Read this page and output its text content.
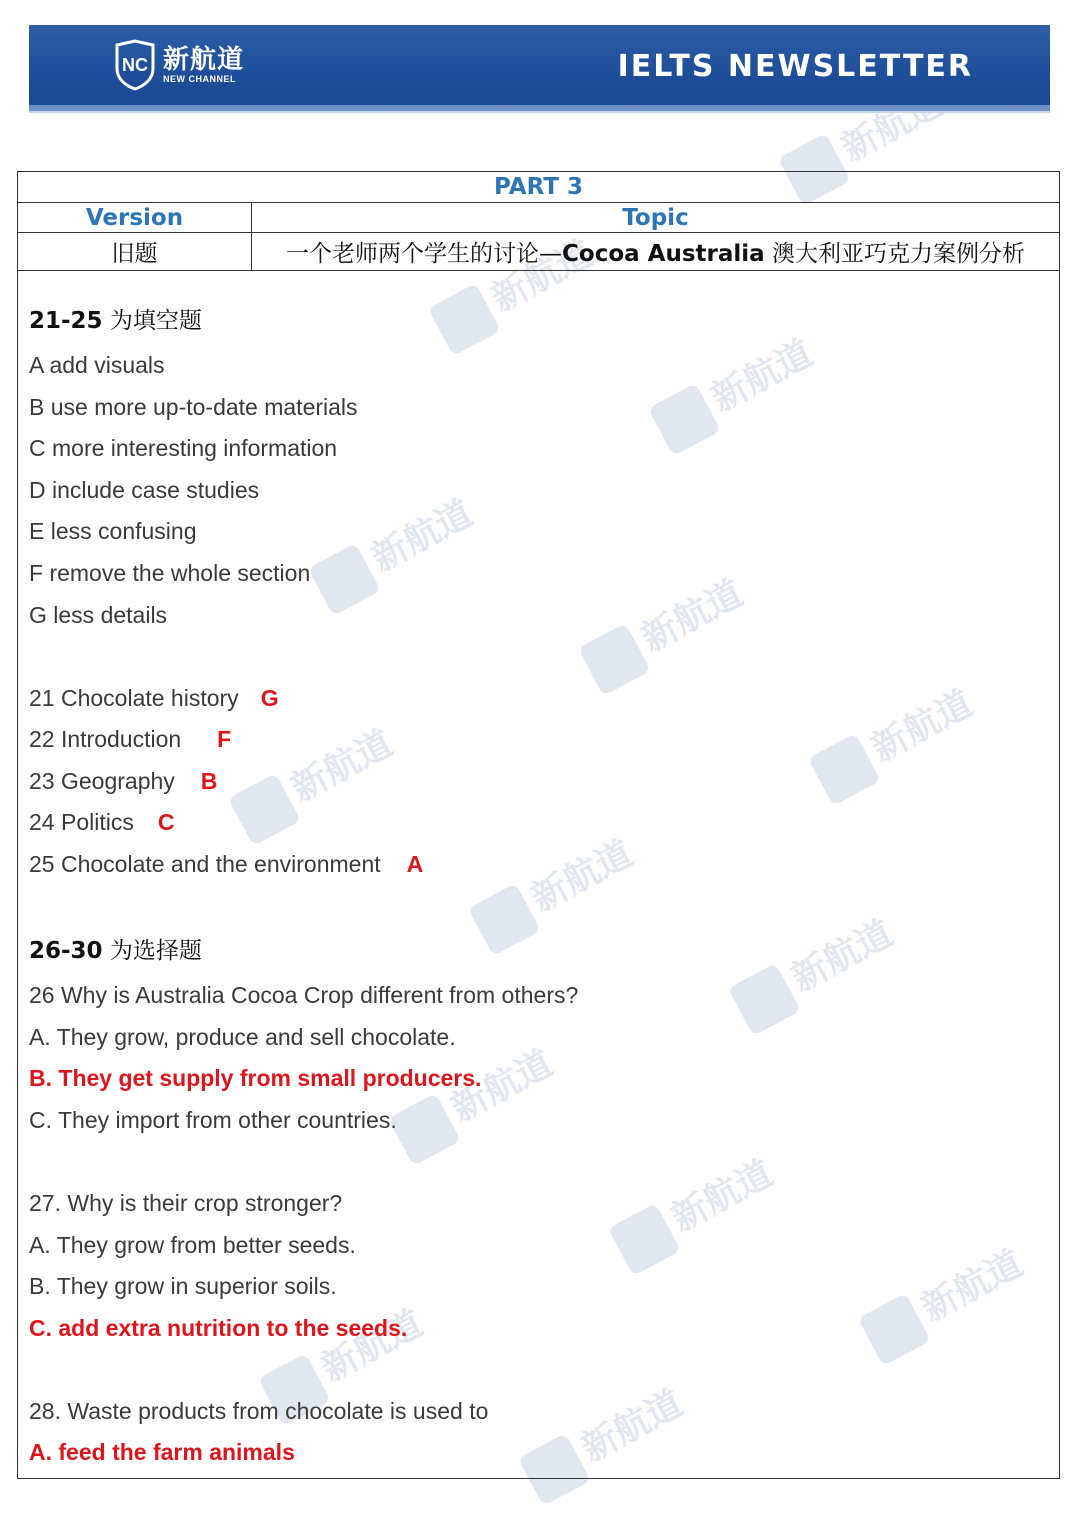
新航道
新航道
新航道
新航道
新航道
新航道
新航道
新航道
新航道
新航道
新航道
新航道
新航道
新航道
NC 新航道
NEW CHANNEL	IELTS NEWSLETTER
PART 3
Version	Topic
旧题	一个老师两个学生的讨论—Cocoa Australia 澳大利亚巧克力案例分析
21-25 为填空题
A add visuals
B use more up-to-date materials
C more interesting information
D include case studies
E less confusing
F remove the whole section
G less details
21 Chocolate history G
22 Introduction F
23 Geography B
24 Politics C
25 Chocolate and the environment A
26-30 为选择题
26 Why is Australia Cocoa Crop different from others?
A. They grow, produce and sell chocolate.
B. They get supply from small producers.
C. They import from other countries.
27. Why is their crop stronger?
A. They grow from better seeds.
B. They grow in superior soils.
C. add extra nutrition to the seeds.
28. Waste products from chocolate is used to
A. feed the farm animals
